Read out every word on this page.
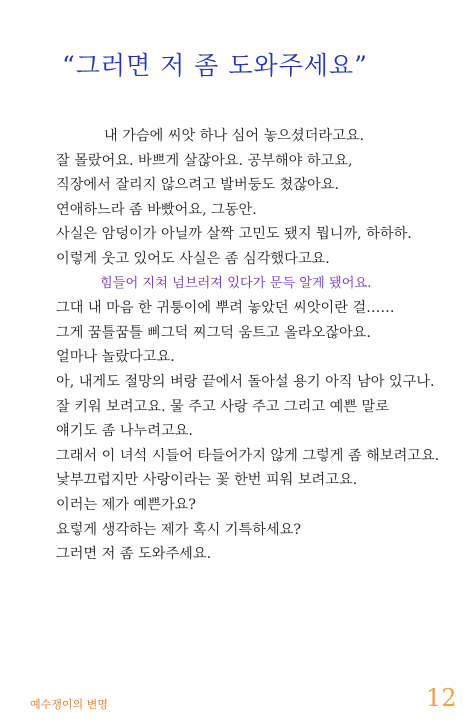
“그러면 저 좀 도와주세요”
내 가슴에 씨앗 하나 심어 놓으셨더라고요.
잘 몰랐어요. 바쁘게 살잖아요. 공부해야 하고요,
직장에서 잘리지 않으려고 발버둥도 쳤잖아요.
연애하느라 좀 바빴어요, 그동안.
사실은 암덩이가 아닐까 살짝 고민도 됐지 뭡니까, 하하하.
이렇게 웃고 있어도 사실은 좀 심각했다고요.
힘들어 지쳐 넘브러져 있다가 문득 알게 됐어요.
그대 내 마음 한 귀퉁이에 뿌려 놓았던 씨앗이란 걸……
그게 꿈틀꿈틀 삐그덕 찌그덕 움트고 올라오잖아요.
얼마나 놀랐다고요.
아, 내게도 절망의 벼랑 끝에서 돌아설 용기 아직 남아 있구나.
잘 키워 보려고요. 물 주고 사랑 주고 그리고 예쁜 말로
얘기도 좀 나누려고요.
그래서 이 녀석 시들어 타들어가지 않게 그렇게 좀 해보려고요.
낯부끄럽지만 사랑이라는 꽃 한번 피워 보려고요.
이러는 제가 예쁜가요?
요렇게 생각하는 제가 혹시 기특하세요?
그러면 저 좀 도와주세요.
예수쟁이의 변명	12
